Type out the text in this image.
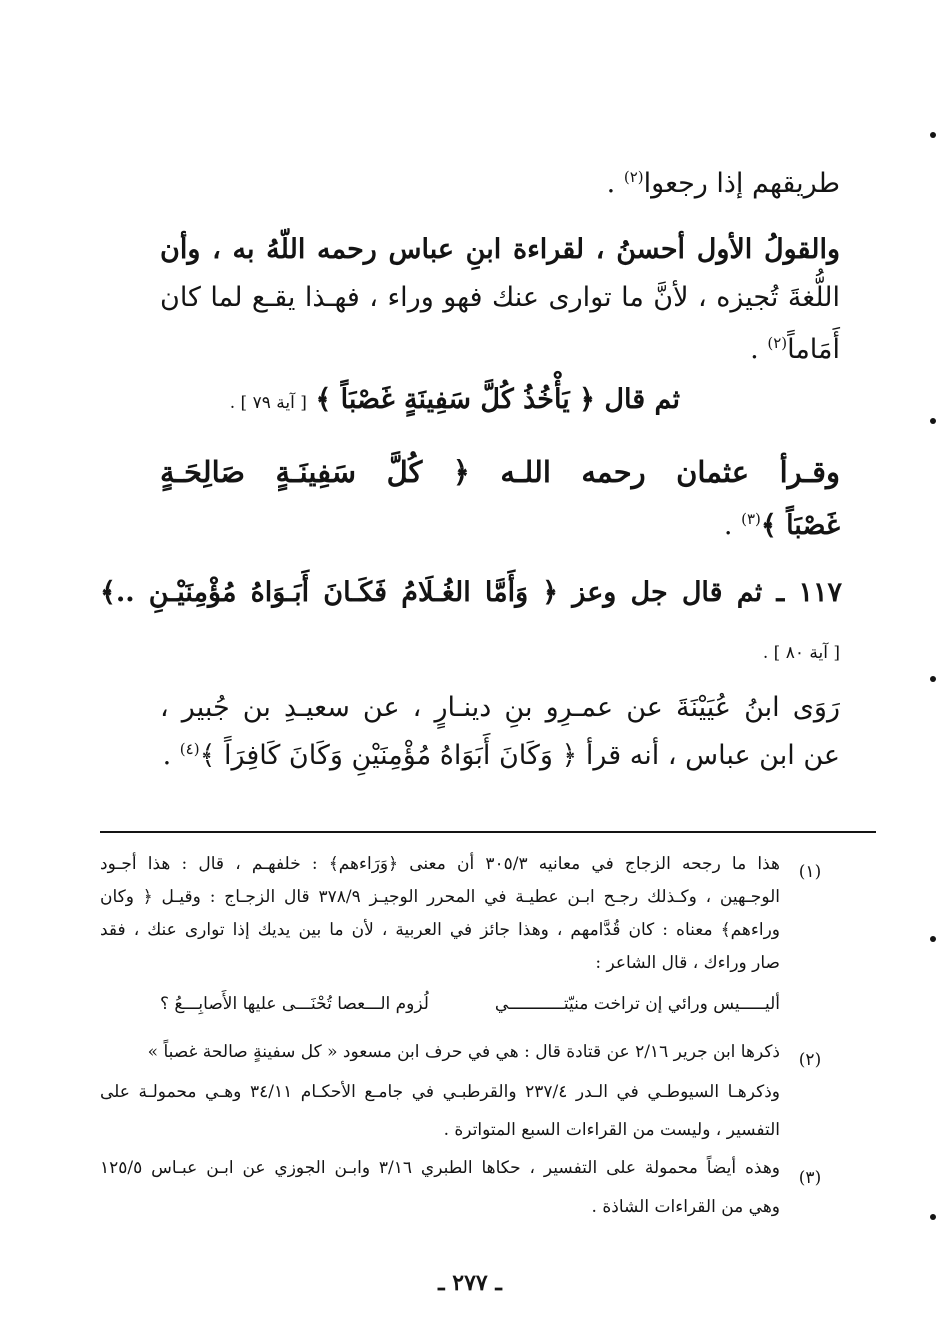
طريقهم إذا رجعوا$^{(٢)}$ .
والقولُ الأول أحسنُ ، لقراءة ابنِ عباس رحمه اللّهُ به ، وأن
اللُّغةَ تُجيزه ، لأنَّ ما توارى عنك فهو وراء ، فهـذا يقـع لما كان
أَمَاماً$^{(٢)}$ .
ثم قال ﴿ يَأْخُذُ كُلَّ سَفِينَةٍ غَصْبَاً ﴾ [ آية ٧٩ ] .
وقـرأ عثمان رحمه اللـه ﴿ كُلَّ سَفِينَـةٍ صَالِحَـةٍ
غَصْبَاً ﴾$^{(٣)}$ .
١١٧ ـ ثم قال جل وعز ﴿ وَأَمَّا الغُـلَامُ فَكَـانَ أَبَـوَاهُ مُؤْمِنَيْـنِ ..﴾
[ آية ٨٠ ] .
رَوَى ابنُ عُيَيْنَةَ عن عمـرِو بنِ دينـارٍ ، عن سعيـدِ بن جُبير ،
عن ابن عباس ، أنه قرأ ﴿ وَكَانَ أَبَوَاهُ مُؤْمِنَيْنِ وَكَانَ كَافِرَاً ﴾$^{(٤)}$ .
(١)
هذا ما رجحه الزجاج في معانيه ٣٠٥/٣ أن معنى ﴿وَرَاءهم﴾ : خلفهـم ، قال : هذا أجـود
الوجـهين ، وكـذلك رجـح ابـن عطيـة في المحرر الوجيـز ٣٧٨/٩ قال الزجـاج : وقيـل ﴿ وكان
وراءهم﴾ معناه : كان قُدَّامهم ، وهذا جائز في العربية ، لأن ما بين يديك إذا توارى عنك ، فقد
صار وراءك ، قال الشاعر :
أليـــــيس ورائي إن تراخت منيّتـــــــــــي
لُزوم الـــعصا تُحْنَـــى عليها الأَصابِـــعُ ؟
(٢)
ذكرها ابن جرير ٢/١٦ عن قتادة قال : هي في حرف ابن مسعود « كل سفينةٍ صالحة غصباً »
وذكرهـا السيوطـي في الـدر ٢٣٧/٤ والقرطبـي في جامـع الأحكـام ٣٤/١١ وهـي محمولـة على
التفسير ، وليست من القراءات السبع المتواترة .
(٣)
وهذه أيضاً محمولة على التفسير ، حكاها الطبري ٣/١٦ وابـن الجوزي عن ابـن عبـاس ١٢٥/٥
وهي من القراءات الشاذة .
ـ ٢٧٧ ـ
